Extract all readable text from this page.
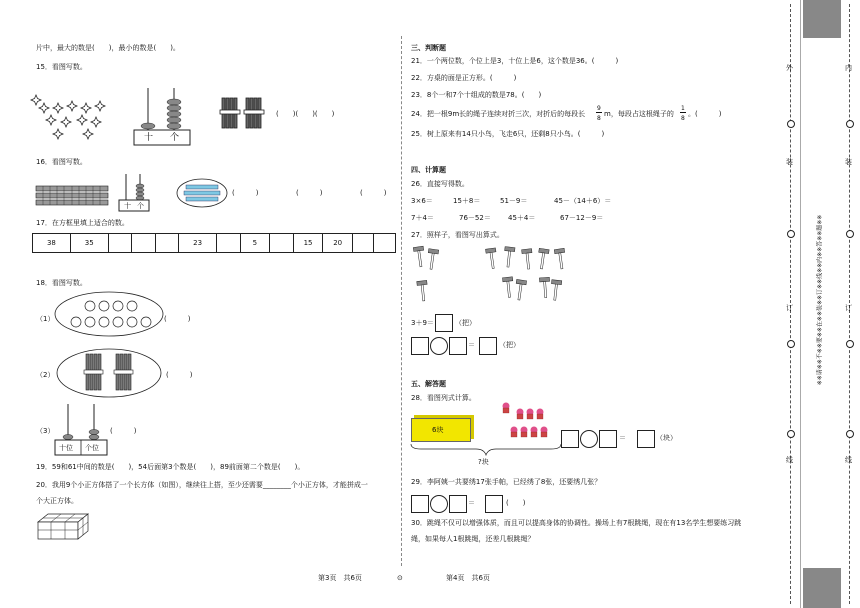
片中，最大的数是(　　)，最小的数是(　　)。
15．看图写数。
十 个
(　　)(　　)(　　)
16．看图写数。
十 个
(　　　)	(　　　)	(　　　)
17．在方框里填上适合的数。
38	35				23		5		15	20		
18．看图写数。
（1）	(　　　)
（2）	(　　　)
（3）
十位 个位
(　　　)
19．59和61中间的数是(　　)，54后面第3个数是(　　)，89前面第二个数是(　　)。
20．我用9个小正方体搭了一个长方体（如图），继续往上搭，至少还需要________个小正方体，才能拼成一
个大正方体。
第3页　共6页	⊙
三、判断题
21．一个两位数，个位上是3，十位上是6，这个数是36。(　　　)
22．方桌的面是正方形。(　　　)
23．8个一和7个十组成的数是78。(　　)
24．把一根9m长的绳子连续对折三次，对折后的每段长
9
8
m，每段占这根绳子的
1
8
。(　　　)
25．树上原来有14只小鸟，飞走6只，还剩8只小鸟。(　　　)
四、计算题
26．直接写得数。
3×6＝	15＋8＝	51－9＝	45－（14＋6）＝
7＋4＝	76－52＝ 45＋4＝	67－12－9＝
27．照样子，看图写出算式。
3＋9＝	（把）
＝	（把）
五、解答题
28．看图列式计算。
6块
?块
＝	（块）
29．李阿姨一共要绣17张手帕，已经绣了8张，还要绣几张？
＝	(　　)
30．跳绳不仅可以增强体质，而且可以提高身体的协调性。操场上有7根跳绳，现在有13名学生想要练习跳
绳，如果每人1根跳绳，还差几根跳绳？
第4页　共6页
※※请※※不※※要※※在※※装※※订※※线※※内※※答※※题※※
外
装
订
线
内
装
订
线
